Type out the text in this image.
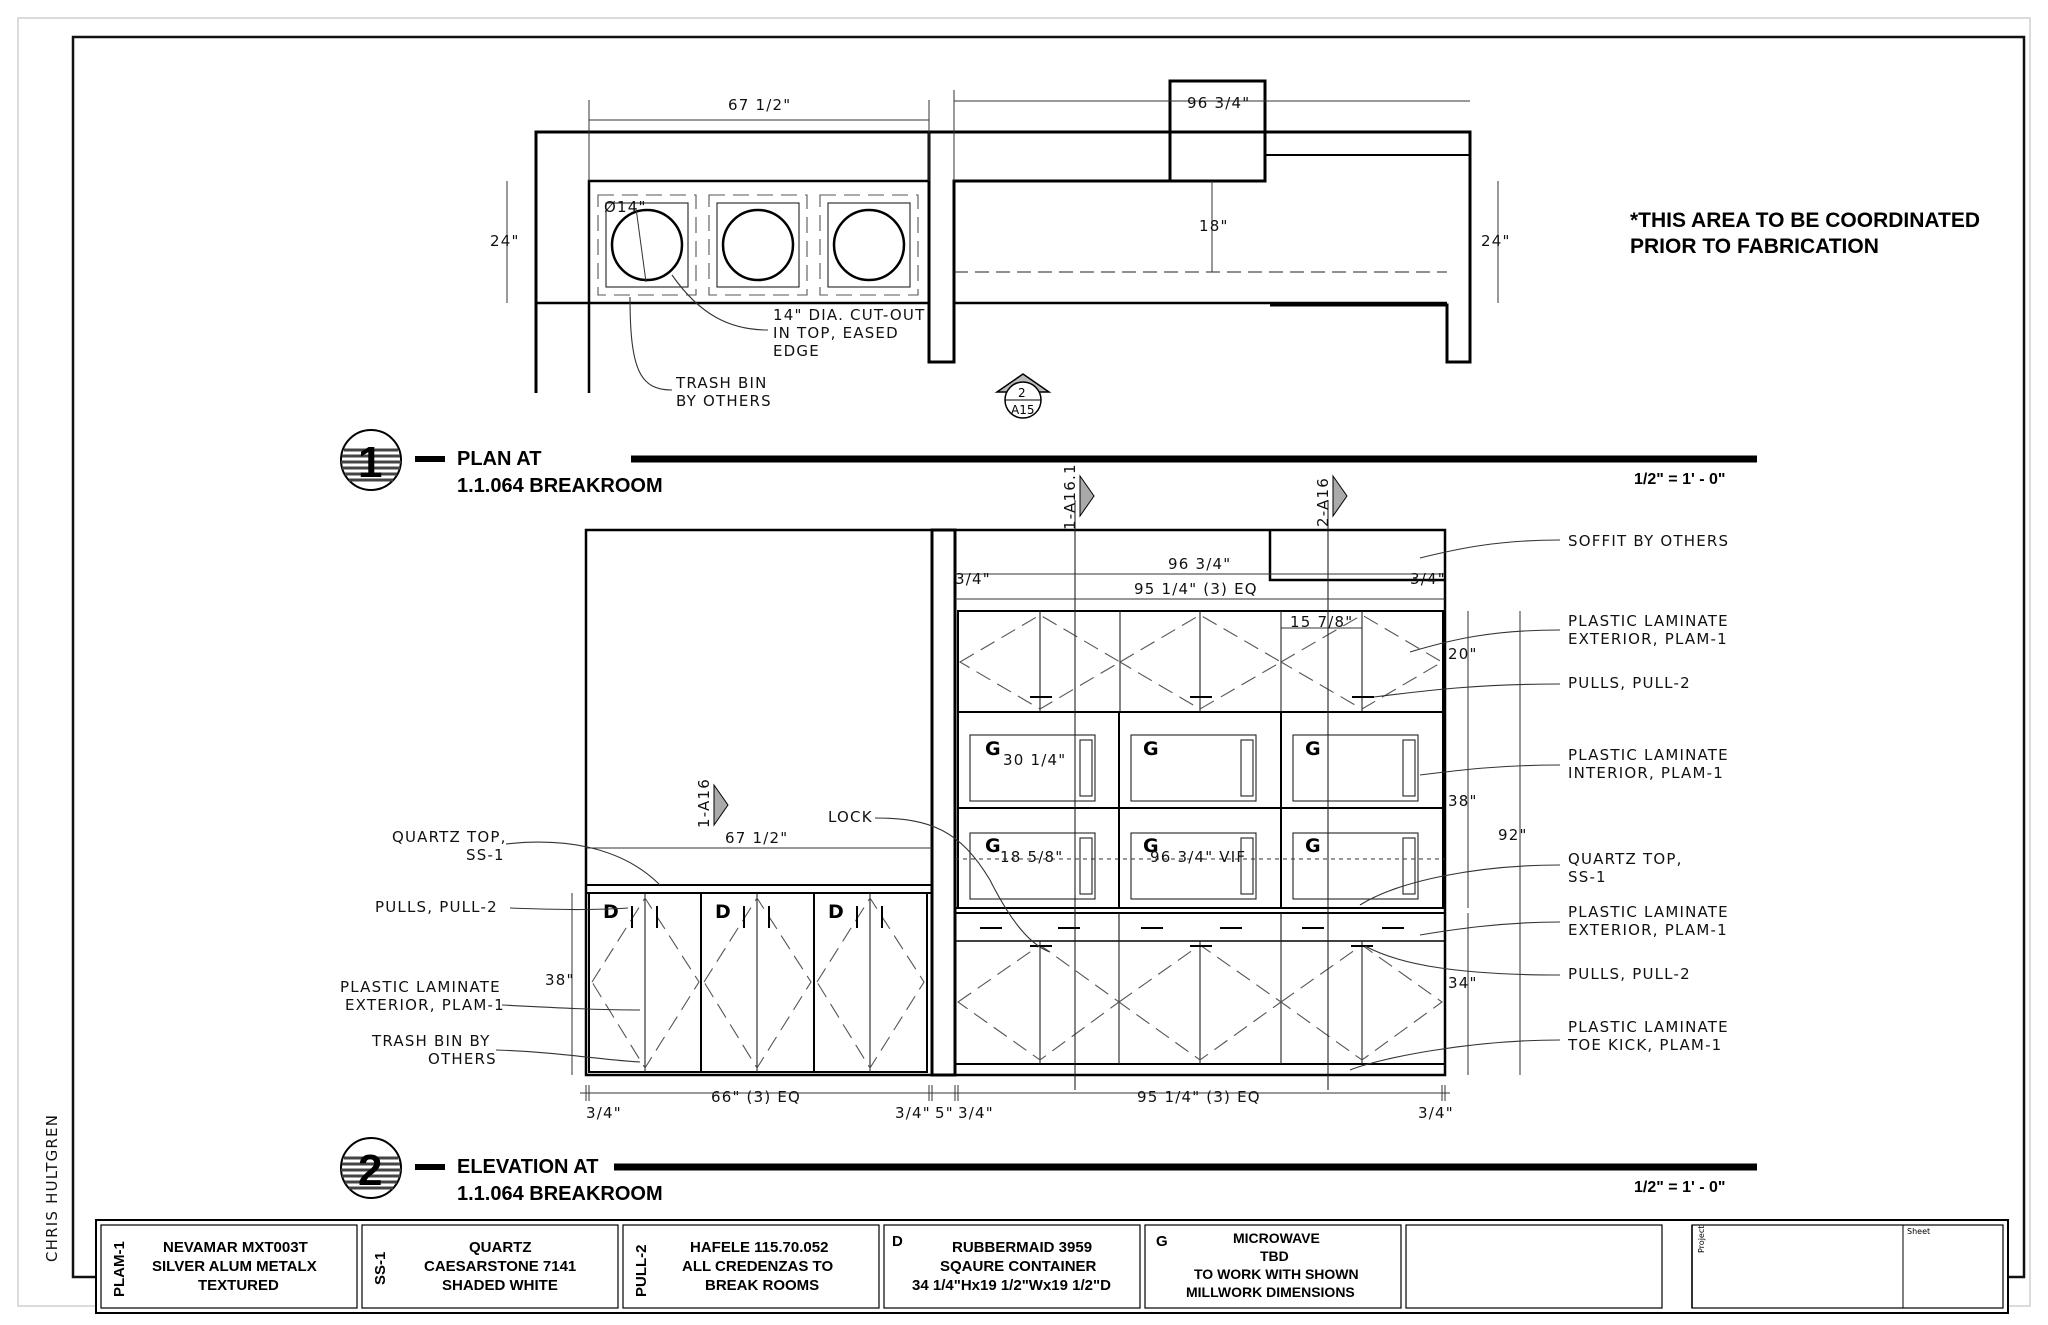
CHRIS HULTGREN
Ø14"
67 1/2"	96 3/4"
24"	24"
18"
14" DIA. CUT-OUT
IN TOP, EASED
EDGE
TRASH BIN
BY OTHERS	2
A15
*THIS AREA TO BE COORDINATED
PRIOR TO FABRICATION
1	PLAN AT
1.1.064 BREAKROOM	1/2" = 1' - 0"
1-A16.1	2-A16
1-A16
G	G	G
G	G	G
D	D	D
96 3/4"
3/4"	3/4"
95 1/4" (3) EQ
15 7/8"
20"
30 1/4"
18 5/8"	96 3/4" VIF
38"
92"
34"
67 1/2"
38"
66" (3) EQ	95 1/4" (3) EQ
3/4"	3/4" 5" 3/4"	3/4"
QUARTZ TOP,
SS-1
PULLS, PULL-2
PLASTIC LAMINATE
EXTERIOR, PLAM-1
TRASH BIN BY
OTHERS
LOCK
SOFFIT BY OTHERS
PLASTIC LAMINATE
EXTERIOR, PLAM-1
PULLS, PULL-2
PLASTIC LAMINATE
INTERIOR, PLAM-1
QUARTZ TOP,
SS-1
PLASTIC LAMINATE
EXTERIOR, PLAM-1
PULLS, PULL-2
PLASTIC LAMINATE
TOE KICK, PLAM-1
2	ELEVATION AT
1.1.064 BREAKROOM	1/2" = 1' - 0"
PLAM-1 NEVAMAR MXT003T
SILVER ALUM METALX
TEXTURED
SS-1
QUARTZ
CAESARSTONE 7141
SHADED WHITE	PULL-2	HAFELE 115.70.052
ALL CREDENZAS TO
BREAK ROOMS
D	RUBBERMAID 3959
SQAURE CONTAINER
34 1/4"Hx19 1/2"Wx19 1/2"D
G	MICROWAVE
TBD
TO WORK WITH SHOWN
MILLWORK DIMENSIONS
Project	Sheet
